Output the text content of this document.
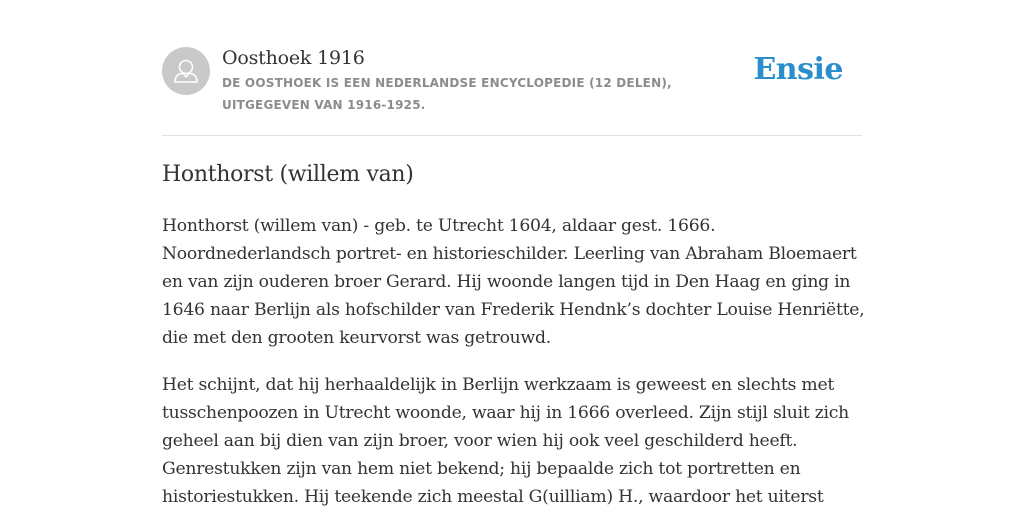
Oosthoek 1916
DE OOSTHOEK IS EEN NEDERLANDSE ENCYCLOPEDIE (12 DELEN), UITGEGEVEN VAN 1916-1925.
Ensie
Honthorst (willem van)

Honthorst (willem van) - geb. te Utrecht 1604, aldaar gest. 1666. Noordnederlandsch portret- en historieschilder. Leerling van Abraham Bloemaert en van zijn ouderen broer Gerard. Hij woonde langen tijd in Den Haag en ging in 1646 naar Berlijn als hofschilder van Frederik Hendnk’s dochter Louise Henriëtte, die met den grooten keurvorst was getrouwd.

Het schijnt, dat hij herhaaldelijk in Berlijn werkzaam is geweest en slechts met tusschenpoozen in Utrecht woonde, waar hij in 1666 overleed. Zijn stijl sluit zich geheel aan bij dien van zijn broer, voor wien hij ook veel geschilderd heeft. Genrestukken zijn van hem niet bekend; hij bepaalde zich tot portretten en historiestukken. Hij teekende zich meestal G(uilliam) H., waardoor het uiterst
